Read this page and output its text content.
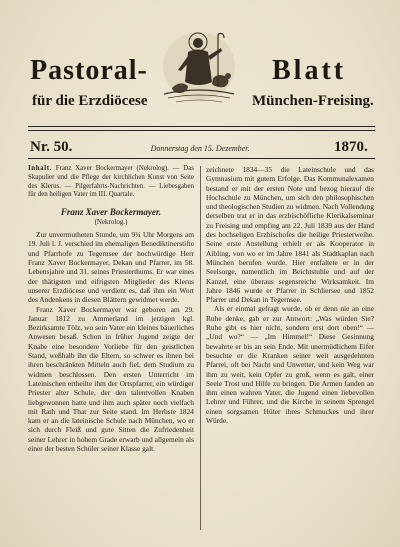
Pastoral-	Blatt
für die Erzdiöcese	München-Freising.
Nr. 50.	Donnerstag den 15. Dezember.	1870.

Inhalt. Franz Xaver Bockermayer (Nekrolog). — Das Skapulier und die Pflege der kirchlichen Kunst von Seite des Klerus. — Pilgerfahrts-Nachrichten. — Liebesgaben für den heiligen Vater im III. Quartale.

Franz Xaver Bockermayer.

(Nekrolog.)

Zur unvermutheten Stunde, um 9¾ Uhr Morgens am 19. Juli l. J. verschied im ehemaligen Benediktinerstifte und Pfarrhofe zu Tegernsee der hochwürdige Herr Franz Xaver Bockermayer, Dekan und Pfarrer, im 58. Lebensjahre und 31. seines Priesterthums. Er war eines der thätigsten und eifrigsten Mitglieder des Klerus unserer Erzdiöcese und verdient es, daß ihm ein Wort des Andenkens in diesen Blättern gewidmet werde.

Franz Xaver Bockermayer war geboren am 29. Januar 1812 zu Ammerland im jetzigen kgl. Bezirksamte Tölz, wo sein Vater ein kleines bäuerliches Anwesen besaß. Schon in früher Jugend zeigte der Knabe eine besondere Vorliebe für den geistlichen Stand, weßhalb ihn die Eltern, so schwer es ihnen bei ihren beschränkten Mitteln auch fiel, dem Studium zu widmen beschlossen. Den ersten Unterricht im Lateinischen ertheilte ihm der Ortspfarrer, ein würdiger Priester alter Schule, der den talentvollen Knaben liebgewonnen hatte und ihm auch später noch vielfach mit Rath und That zur Seite stand. Im Herbste 1824 kam er an die lateinische Schule nach München, wo er sich durch Fleiß und gute Sitten die Zufriedenheit seiner Lehrer in hohem Grade erwarb und allgemein als einer der besten Schüler seiner Klasse galt.

zeichnete 1834—35 die Lateinschule und das Gymnasium mit gutem Erfolge. Das Kommunalexamen bestand er mit der ersten Note und bezog hierauf die Hochschule zu München, um sich den philosophischen und theologischen Studien zu widmen. Nach Vollendung derselben trat er in das erzbischöfliche Klerikalseminar zu Freising und empfing am 22. Juli 1839 aus der Hand des hochseligen Erzbischofes die heilige Priesterweihe. Seine erste Anstellung erhielt er als Kooperator in Aibling, von wo er im Jahre 1841 als Stadtkaplan nach München berufen wurde. Hier entfaltete er in der Seelsorge, namentlich im Beichtstuhle und auf der Kanzel, eine überaus segensreiche Wirksamkeit. Im Jahre 1846 wurde er Pfarrer in Schliersee und 1852 Pfarrer und Dekan in Tegernsee.

Als er einmal gefragt wurde, ob er denn nie an eine Ruhe denke, gab er zur Antwort: „Was würden Sie? Ruhe gibt es hier nicht, sondern erst dort oben!“ — „Und wo?“ — „Im Himmel!“ Diese Gesinnung bewahrte er bis an sein Ende. Mit unermüdlichem Eifer besuchte er die Kranken seiner weit ausgedehnten Pfarrei, oft bei Nacht und Unwetter, und kein Weg war ihm zu weit, kein Opfer zu groß, wenn es galt, einer Seele Trost und Hilfe zu bringen. Die Armen fanden an ihm einen wahren Vater, die Jugend einen liebevollen Lehrer und Führer, und die Kirche in seinem Sprengel einen sorgsamen Hüter ihres Schmuckes und ihrer Würde.
